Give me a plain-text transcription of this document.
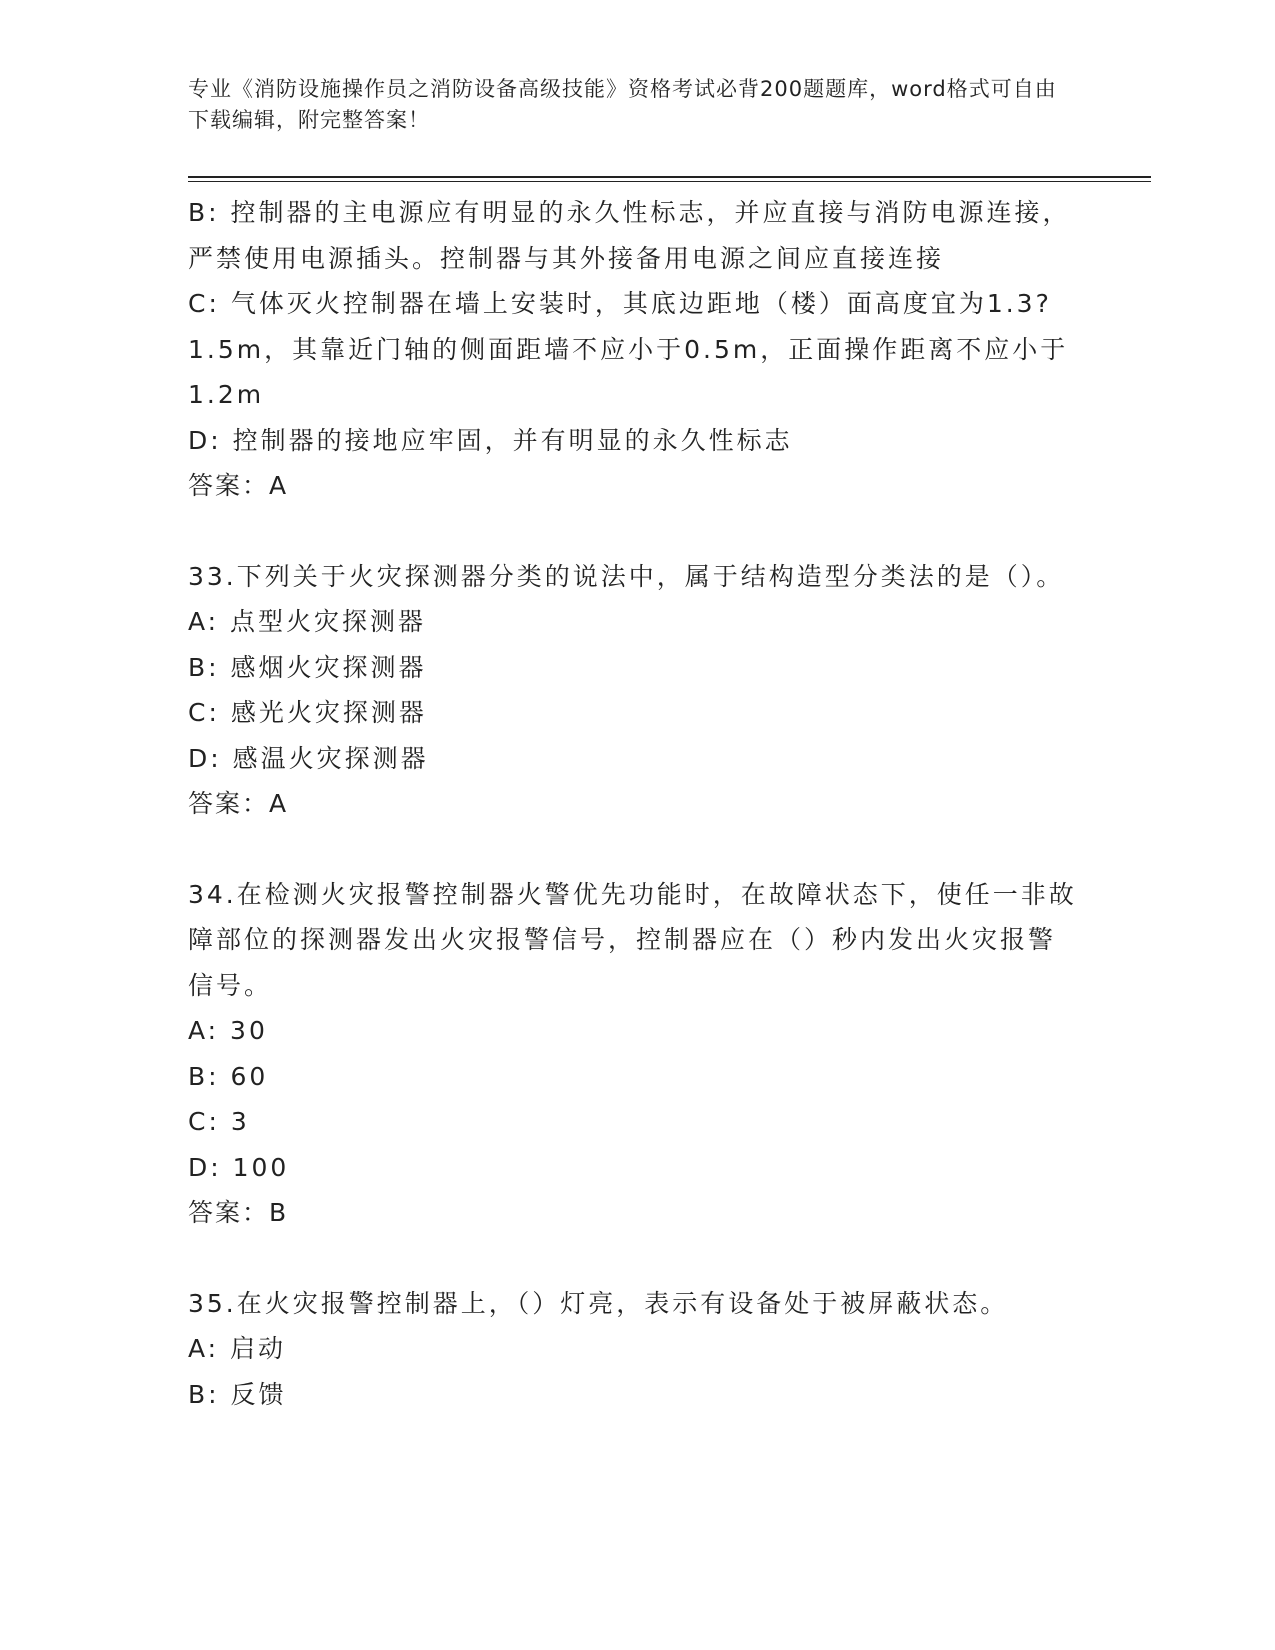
专业《消防设施操作员之消防设备高级技能》资格考试必背200题题库，word格式可自由下载编辑，附完整答案！

B: 控制器的主电源应有明显的永久性标志，并应直接与消防电源连接，严禁使用电源插头。控制器与其外接备用电源之间应直接连接

C: 气体灭火控制器在墙上安装时，其底边距地（楼）面高度宜为1.3?1.5m，其靠近门轴的侧面距墙不应小于0.5m，正面操作距离不应小于1.2m

D: 控制器的接地应牢固，并有明显的永久性标志

答案：A

33.下列关于火灾探测器分类的说法中，属于结构造型分类法的是（）。

A: 点型火灾探测器

B: 感烟火灾探测器

C: 感光火灾探测器

D: 感温火灾探测器

答案：A

34.在检测火灾报警控制器火警优先功能时，在故障状态下，使任一非故障部位的探测器发出火灾报警信号，控制器应在（）秒内发出火灾报警信号。

A: 30

B: 60

C: 3

D: 100

答案：B

35.在火灾报警控制器上，（）灯亮，表示有设备处于被屏蔽状态。

A: 启动

B: 反馈
